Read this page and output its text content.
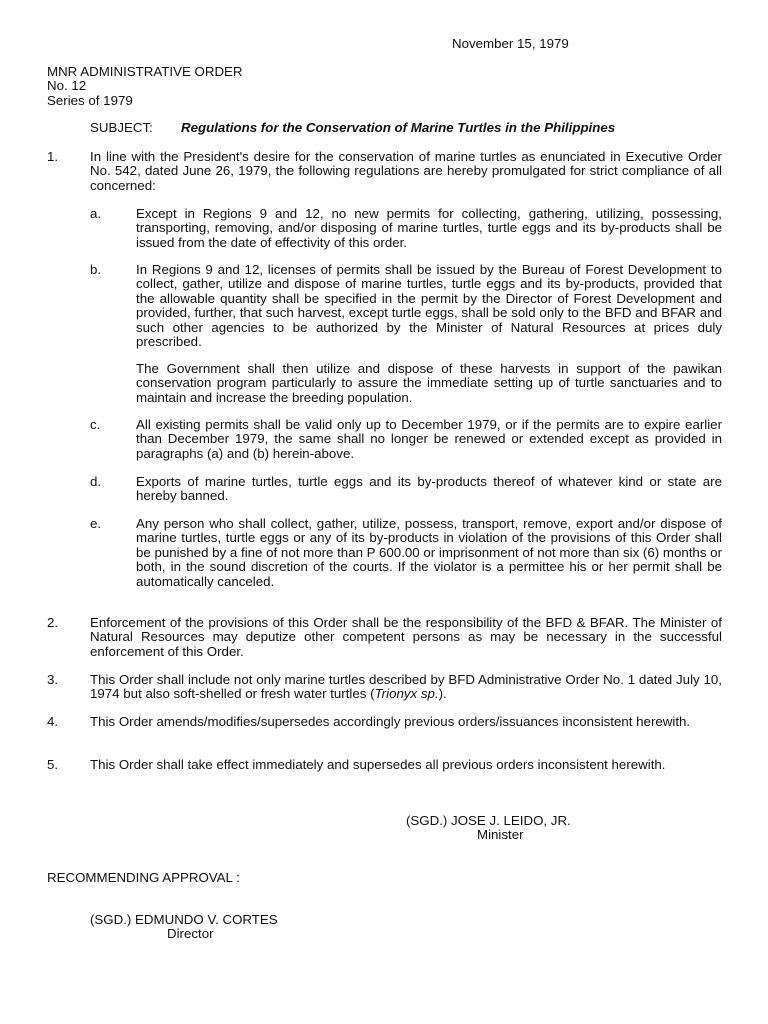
November 15, 1979
MNR ADMINISTRATIVE ORDER
No. 12
Series of 1979
SUBJECT: Regulations for the Conservation of Marine Turtles in the Philippines
1. In line with the President's desire for the conservation of marine turtles as enunciated in Executive Order No. 542, dated June 26, 1979, the following regulations are hereby promulgated for strict compliance of all concerned:
a.	Except in Regions 9 and 12, no new permits for collecting, gathering, utilizing, possessing, transporting, removing, and/or disposing of marine turtles, turtle eggs and its by-products shall be issued from the date of effectivity of this order.
b.	In Regions 9 and 12, licenses of permits shall be issued by the Bureau of Forest Development to collect, gather, utilize and dispose of marine turtles, turtle eggs and its by-products, provided that the allowable quantity shall be specified in the permit by the Director of Forest Development and provided, further, that such harvest, except turtle eggs, shall be sold only to the BFD and BFAR and such other agencies to be authorized by the Minister of Natural Resources at prices duly prescribed.
The Government shall then utilize and dispose of these harvests in support of the pawikan conservation program particularly to assure the immediate setting up of turtle sanctuaries and to maintain and increase the breeding population.
c.	All existing permits shall be valid only up to December 1979, or if the permits are to expire earlier than December 1979, the same shall no longer be renewed or extended except as provided in paragraphs (a) and (b) herein-above.
d.	Exports of marine turtles, turtle eggs and its by-products thereof of whatever kind or state are hereby banned.
e.	Any person who shall collect, gather, utilize, possess, transport, remove, export and/or dispose of marine turtles, turtle eggs or any of its by-products in violation of the provisions of this Order shall be punished by a fine of not more than P 600.00 or imprisonment of not more than six (6) months or both, in the sound discretion of the courts. If the violator is a permittee his or her permit shall be automatically canceled.
2. Enforcement of the provisions of this Order shall be the responsibility of the BFD & BFAR. The Minister of Natural Resources may deputize other competent persons as may be necessary in the successful enforcement of this Order.
3. This Order shall include not only marine turtles described by BFD Administrative Order No. 1 dated July 10, 1974 but also soft-shelled or fresh water turtles (Trionyx sp.).
4. This Order amends/modifies/supersedes accordingly previous orders/issuances inconsistent herewith.
5. This Order shall take effect immediately and supersedes all previous orders inconsistent herewith.
(SGD.) JOSE J. LEIDO, JR.
Minister
RECOMMENDING APPROVAL :
(SGD.) EDMUNDO V. CORTES
Director
